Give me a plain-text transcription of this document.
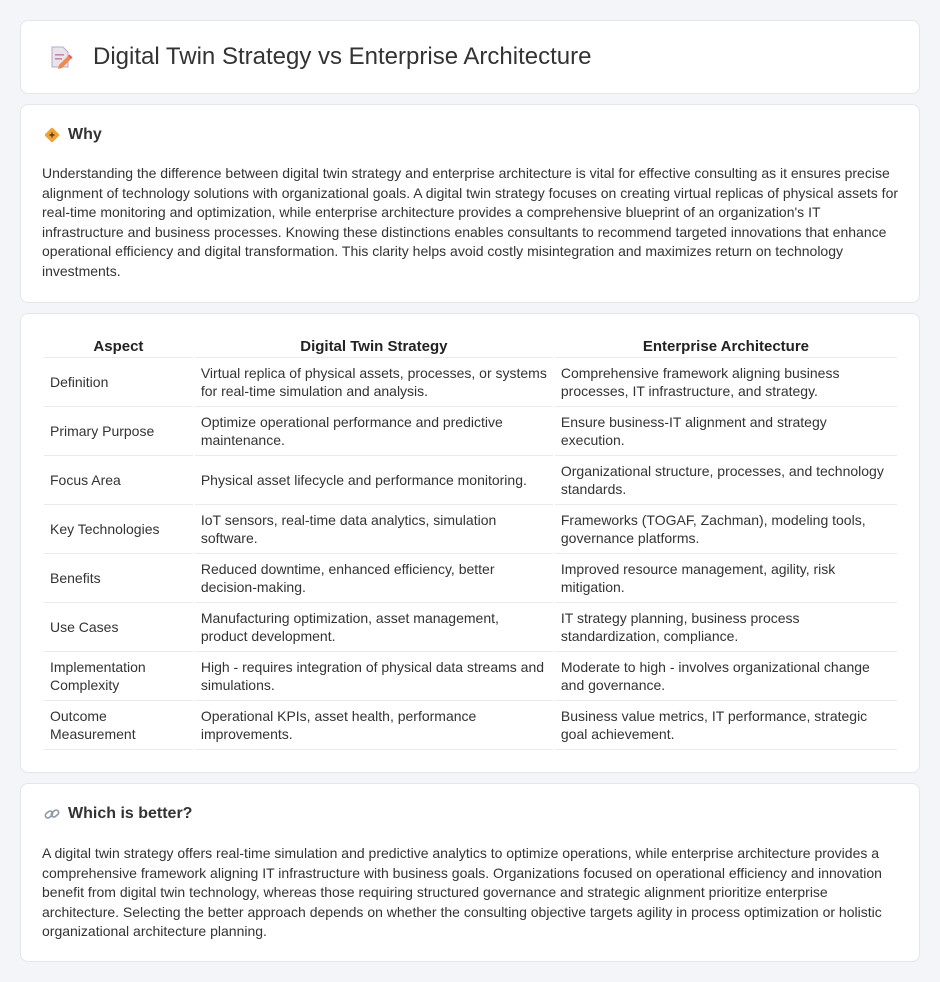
Digital Twin Strategy vs Enterprise Architecture
Why

Understanding the difference between digital twin strategy and enterprise architecture is vital for effective consulting as it ensures precise alignment of technology solutions with organizational goals. A digital twin strategy focuses on creating virtual replicas of physical assets for real-time monitoring and optimization, while enterprise architecture provides a comprehensive blueprint of an organization's IT infrastructure and business processes. Knowing these distinctions enables consultants to recommend targeted innovations that enhance operational efficiency and digital transformation. This clarity helps avoid costly misintegration and maximizes return on technology investments.

Aspect	Digital Twin Strategy	Enterprise Architecture
Definition	Virtual replica of physical assets, processes, or systems for real-time simulation and analysis.	Comprehensive framework aligning business processes, IT infrastructure, and strategy.
Primary Purpose	Optimize operational performance and predictive maintenance.	Ensure business-IT alignment and strategy execution.
Focus Area	Physical asset lifecycle and performance monitoring.	Organizational structure, processes, and technology standards.
Key Technologies	IoT sensors, real-time data analytics, simulation software.	Frameworks (TOGAF, Zachman), modeling tools, governance platforms.
Benefits	Reduced downtime, enhanced efficiency, better decision-making.	Improved resource management, agility, risk mitigation.
Use Cases	Manufacturing optimization, asset management, product development.	IT strategy planning, business process standardization, compliance.
Implementation Complexity	High - requires integration of physical data streams and simulations.	Moderate to high - involves organizational change and governance.
Outcome Measurement	Operational KPIs, asset health, performance improvements.	Business value metrics, IT performance, strategic goal achievement.
Which is better?

A digital twin strategy offers real-time simulation and predictive analytics to optimize operations, while enterprise architecture provides a comprehensive framework aligning IT infrastructure with business goals. Organizations focused on operational efficiency and innovation benefit from digital twin technology, whereas those requiring structured governance and strategic alignment prioritize enterprise architecture. Selecting the better approach depends on whether the consulting objective targets agility in process optimization or holistic organizational architecture planning.
